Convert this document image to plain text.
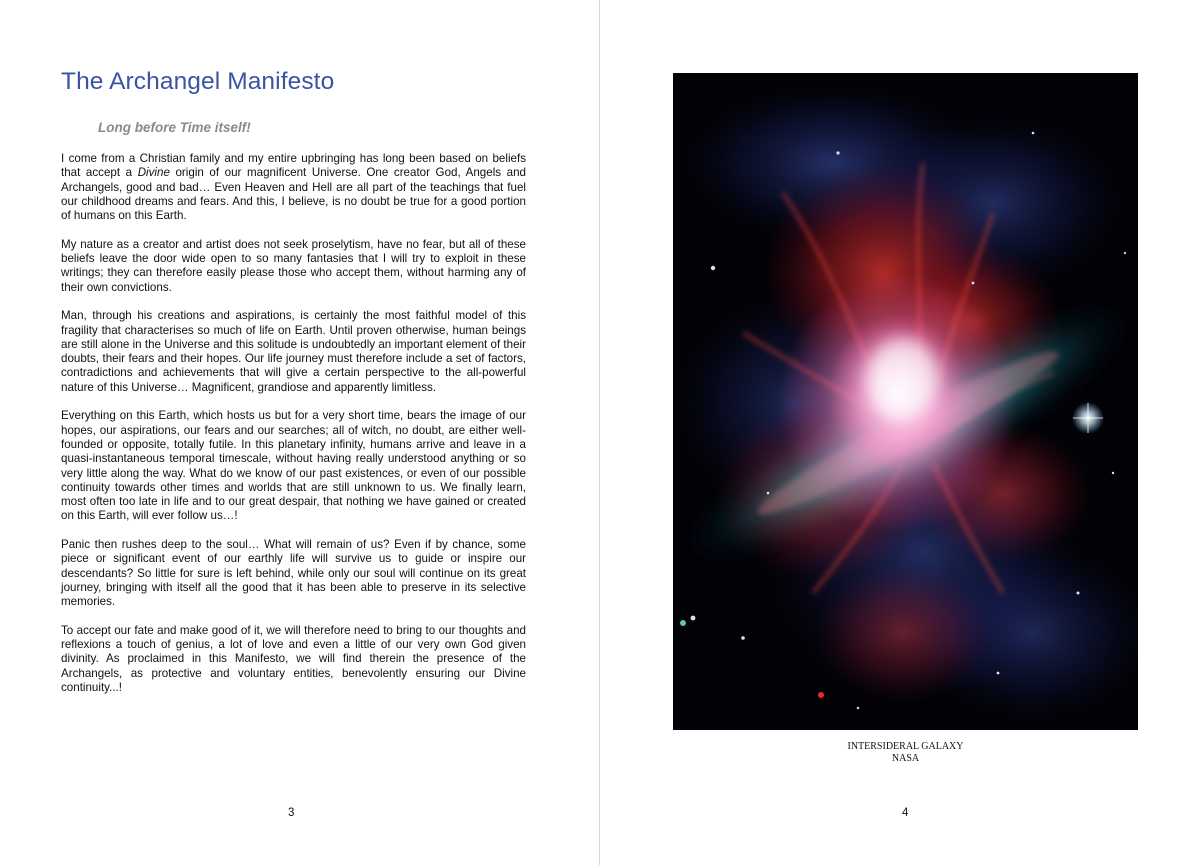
The Archangel Manifesto
Long before Time itself!

I come from a Christian family and my entire upbringing has long been based on beliefs that accept a Divine origin of our magnificent Universe. One creator God, Angels and Archangels, good and bad… Even Heaven and Hell are all part of the teachings that fuel our childhood dreams and fears. And this, I believe, is no doubt be true for a good portion of humans on this Earth.

My nature as a creator and artist does not seek proselytism, have no fear, but all of these beliefs leave the door wide open to so many fantasies that I will try to exploit in these writings; they can therefore easily please those who accept them, without harming any of their own convictions.

Man, through his creations and aspirations, is certainly the most faithful model of this fragility that characterises so much of life on Earth. Until proven otherwise, human beings are still alone in the Universe and this solitude is undoubtedly an important element of their doubts, their fears and their hopes. Our life journey must therefore include a set of factors, contradictions and achievements that will give a certain perspective to the all-powerful nature of this Universe… Magnificent, grandiose and apparently limitless.

Everything on this Earth, which hosts us but for a very short time, bears the image of our hopes, our aspirations, our fears and our searches; all of witch, no doubt, are either well-founded or opposite, totally futile. In this planetary infinity, humans arrive and leave in a quasi-instantaneous temporal timescale, without having really understood anything or so very little along the way. What do we know of our past existences, or even of our possible continuity towards other times and worlds that are still unknown to us. We finally learn, most often too late in life and to our great despair, that nothing we have gained or created on this Earth, will ever follow us…!

Panic then rushes deep to the soul… What will remain of us? Even if by chance, some piece or significant event of our earthly life will survive us to guide or inspire our descendants? So little for sure is left behind, while only our soul will continue on its great journey, bringing with itself all the good that it has been able to preserve in its selective memories.

To accept our fate and make good of it, we will therefore need to bring to our thoughts and reflexions a touch of genius, a lot of love and even a little of our very own God given divinity. As proclaimed in this Manifesto, we will find therein the presence of the Archangels, as protective and voluntary entities, benevolently ensuring our Divine continuity...!

3
INTERSIDERAL GALAXY
NASA
4
